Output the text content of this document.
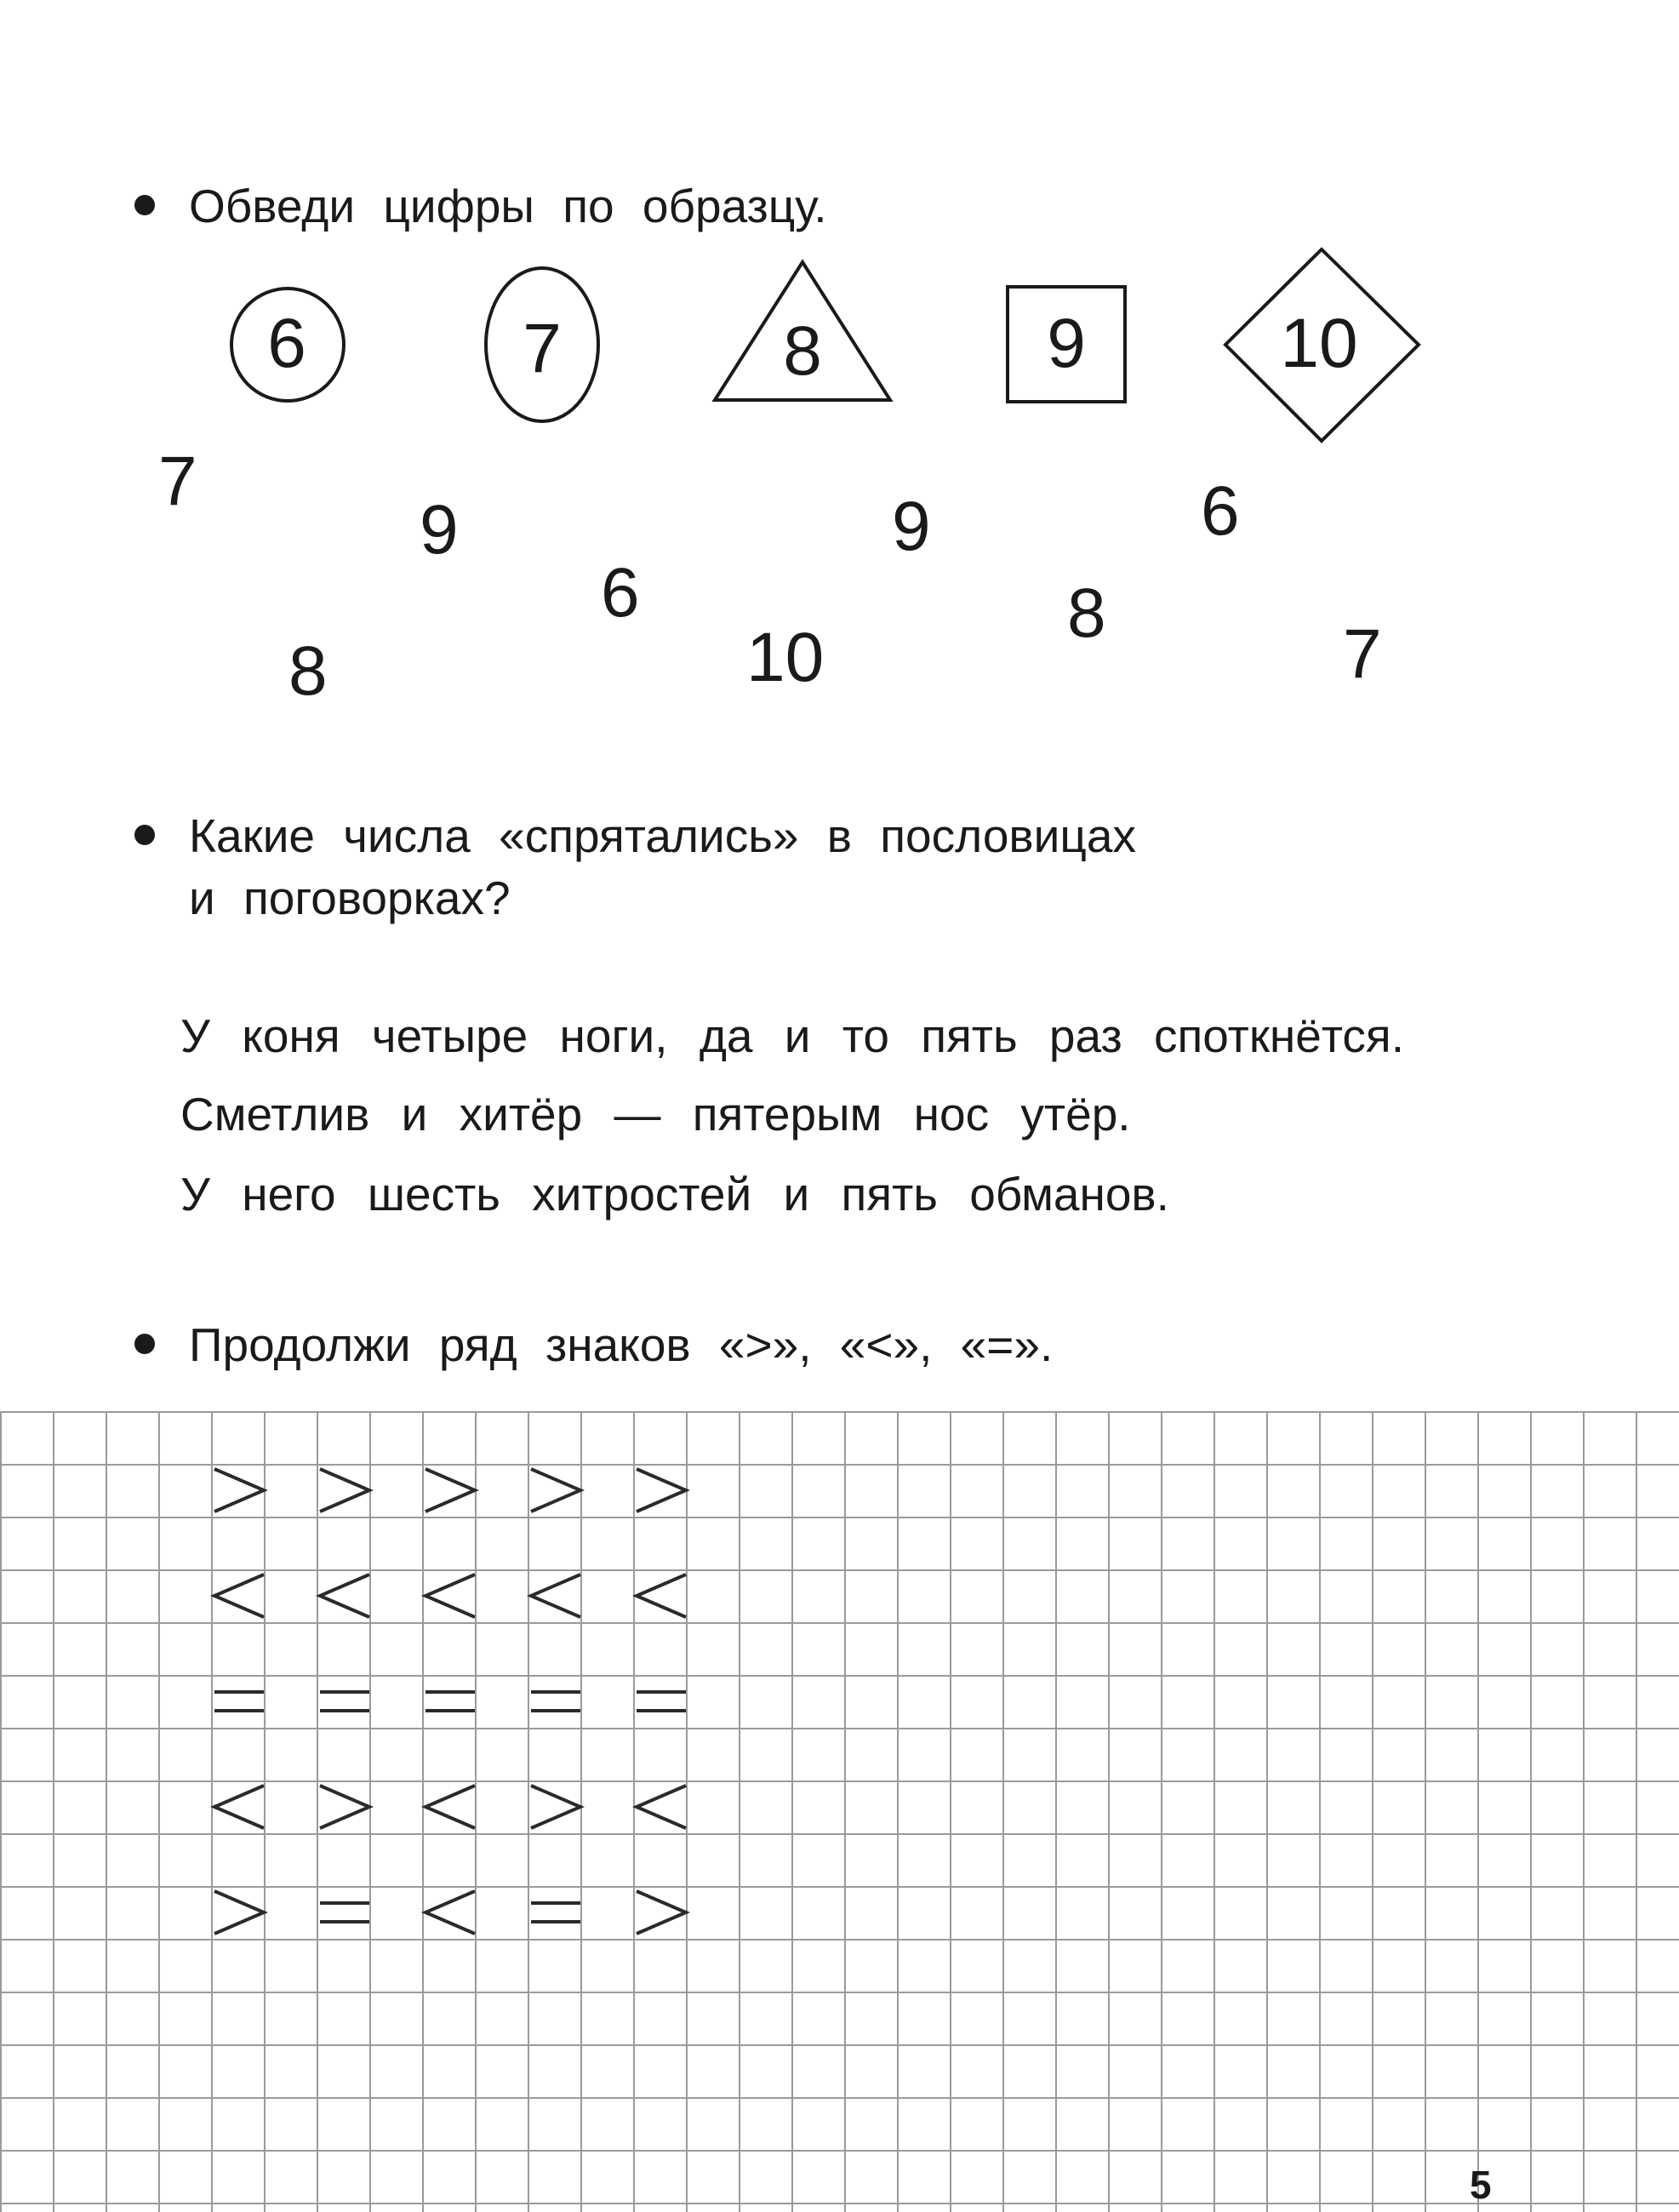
Обведи цифры по образцу.
6	7	8	9	10
7
9
6
9	6
8
10
8	7
Какие числа «спрятались» в пословицах
и поговорках?
У коня четыре ноги, да и то пять раз споткнётся.
Сметлив и хитёр — пятерым нос утёр.
У него шесть хитростей и пять обманов.
Продолжи ряд знаков «>», «<», «=».
5
